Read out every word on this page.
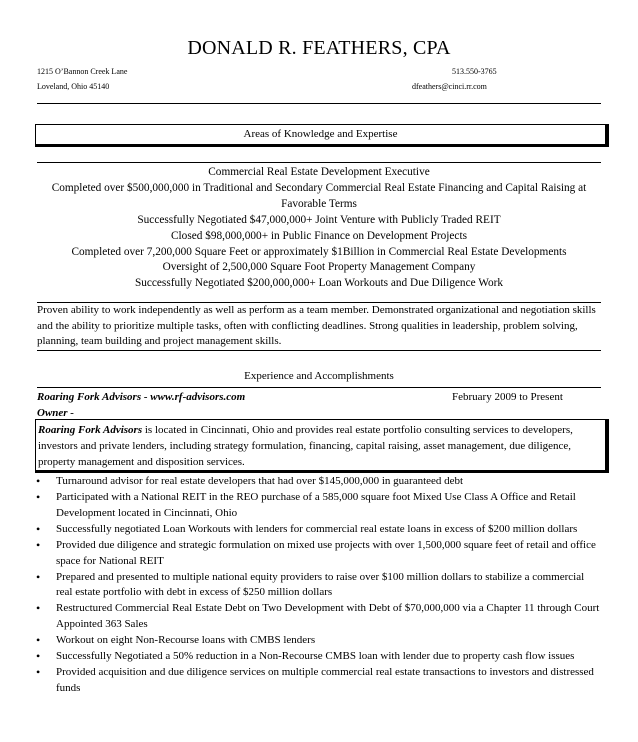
DONALD R. FEATHERS, CPA
1215 O’Bannon Creek Lane
Loveland, Ohio 45140
513.550-3765
dfeathers@cinci.rr.com
Areas of Knowledge and Expertise
Commercial Real Estate Development Executive
Completed over $500,000,000 in Traditional and Secondary Commercial Real Estate Financing and Capital Raising at Favorable Terms
Successfully Negotiated $47,000,000+ Joint Venture with Publicly Traded REIT
Closed $98,000,000+ in Public Finance on Development Projects
Completed over 7,200,000 Square Feet or approximately $1Billion in Commercial Real Estate Developments
Oversight of 2,500,000 Square Foot Property Management Company
Successfully Negotiated $200,000,000+ Loan Workouts and Due Diligence Work
Proven ability to work independently as well as perform as a team member. Demonstrated organizational and negotiation skills and the ability to prioritize multiple tasks, often with conflicting deadlines. Strong qualities in leadership, problem solving, planning, team building and project management skills.
Experience and Accomplishments
Roaring Fork Advisors - www.rf-advisors.com	February 2009 to Present
Owner -
Roaring Fork Advisors is located in Cincinnati, Ohio and provides real estate portfolio consulting services to developers, investors and private lenders, including strategy formulation, financing, capital raising, asset management, due diligence, property management and disposition services.
• Turnaround advisor for real estate developers that had over $145,000,000 in guaranteed debt
• Participated with a National REIT in the REO purchase of a 585,000 square foot Mixed Use Class A Office and Retail Development located in Cincinnati, Ohio
• Successfully negotiated Loan Workouts with lenders for commercial real estate loans in excess of $200 million dollars
• Provided due diligence and strategic formulation on mixed use projects with over 1,500,000 square feet of retail and office space for National REIT
• Prepared and presented to multiple national equity providers to raise over $100 million dollars to stabilize a commercial real estate portfolio with debt in excess of $250 million dollars
• Restructured Commercial Real Estate Debt on Two Development with Debt of $70,000,000 via a Chapter 11 through Court Appointed 363 Sales
• Workout on eight Non-Recourse loans with CMBS lenders
• Successfully Negotiated a 50% reduction in a Non-Recourse CMBS loan with lender due to property cash flow issues
• Provided acquisition and due diligence services on multiple commercial real estate transactions to investors and distressed funds
